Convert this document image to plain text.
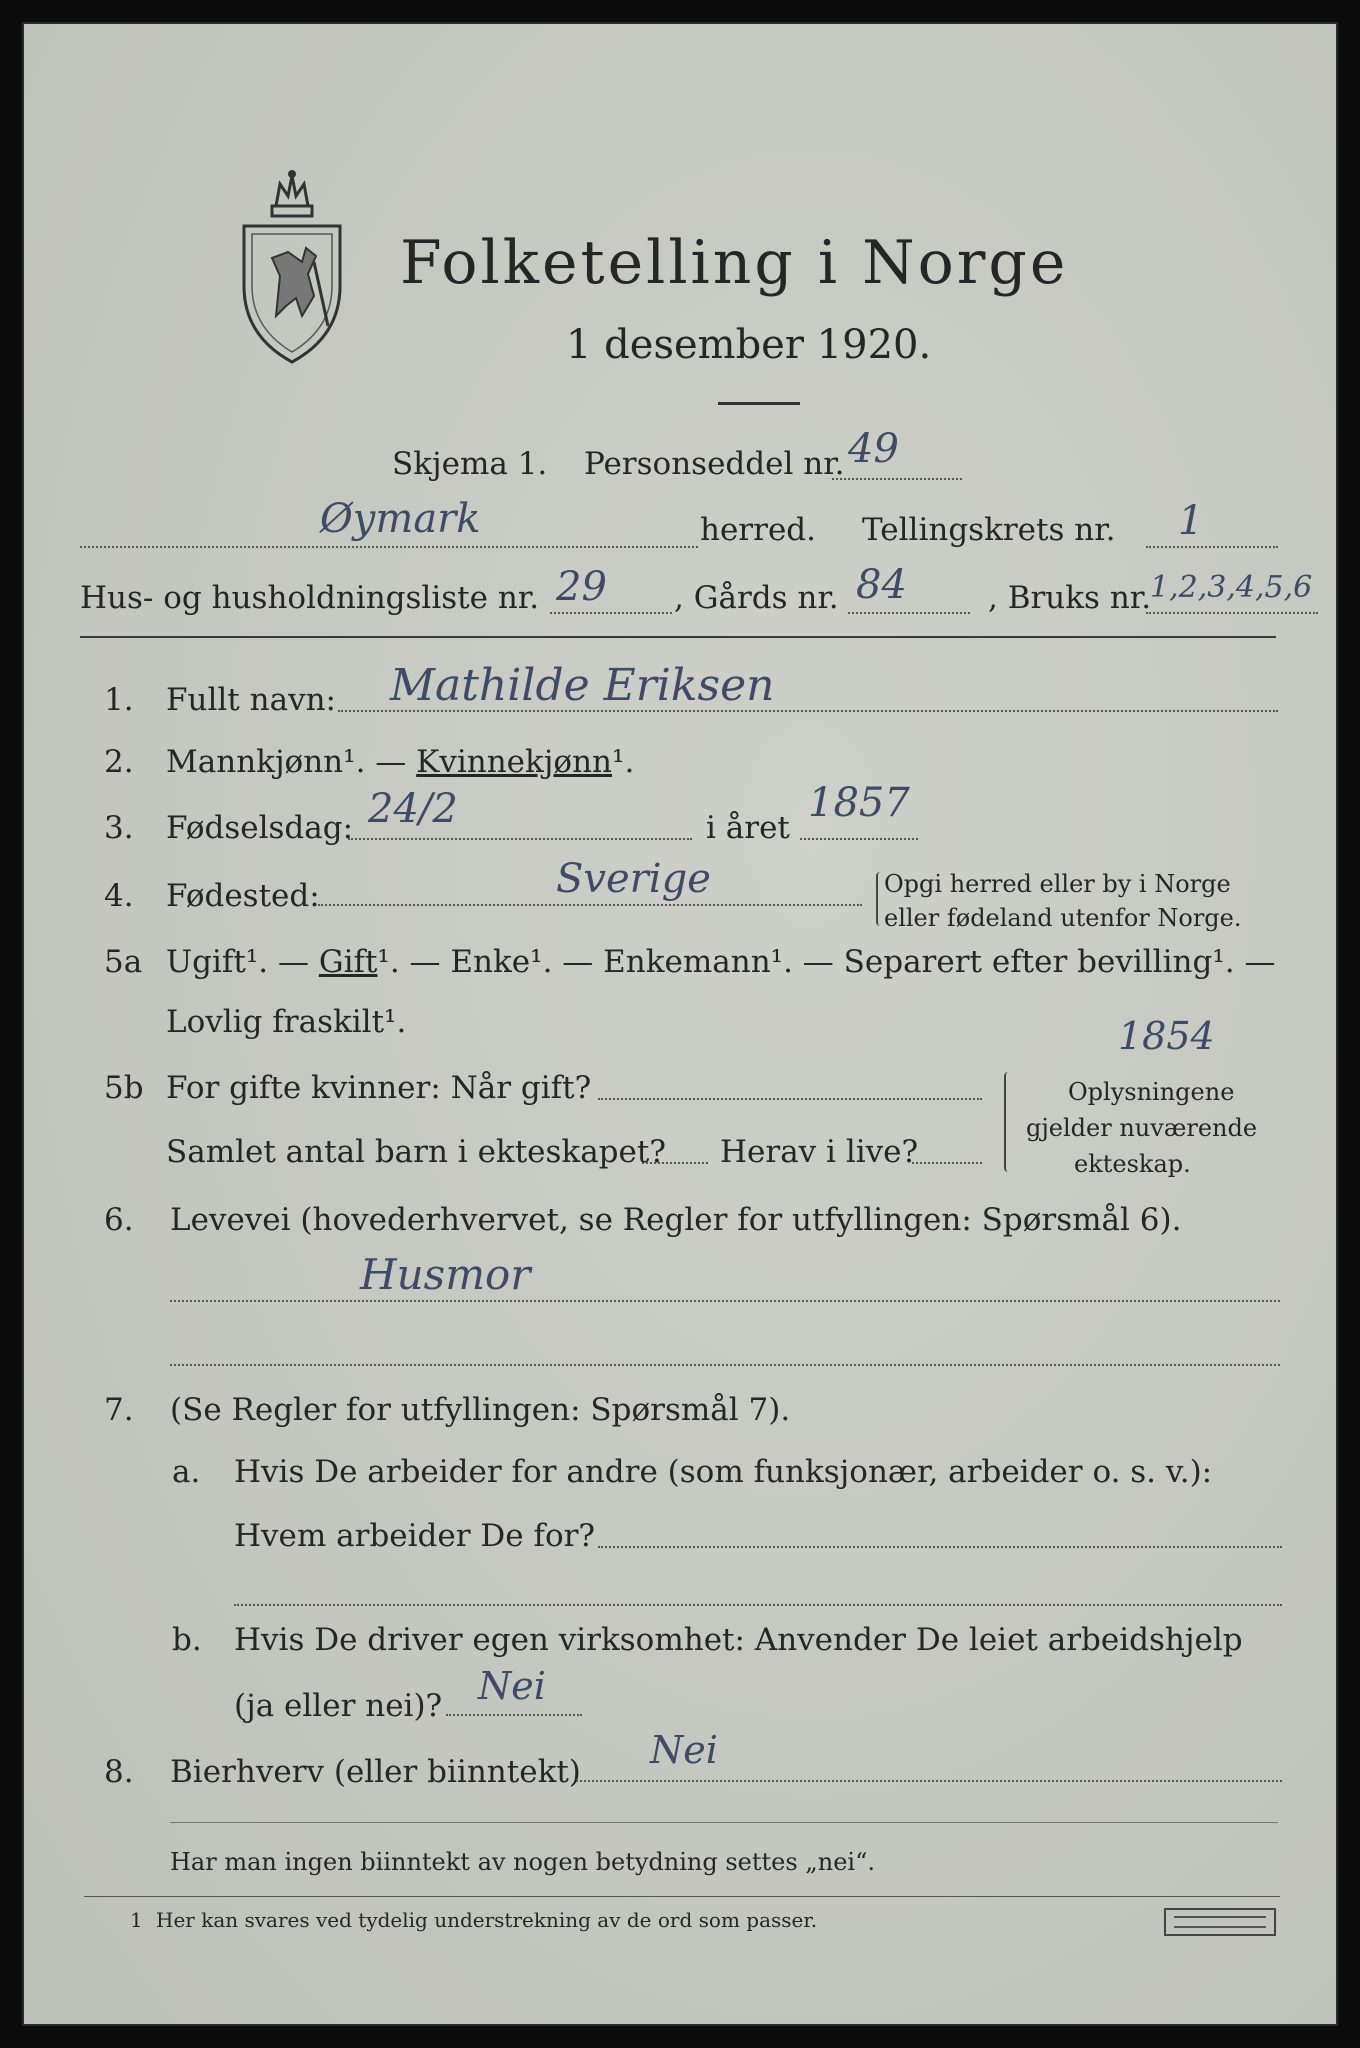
Folketelling i Norge
1 desember 1920.
Skjema 1. Personseddel nr. 49
Øymark	herred. Tellingskrets nr. 1
Hus- og husholdningsliste nr. 29 , Gårds nr. 84	, Bruks nr.
1,2,3,4,5,6
1. Fullt navn: Mathilde Eriksen
2. Mannkjønn¹. — Kvinnekjønn¹.
3. Fødselsdag: 24/2	i året
1857
4. Fødested:	Sverige	Opgi herred eller by i Norge
eller fødeland utenfor Norge.
5a Ugift¹. — Gift¹. — Enke¹. — Enkemann¹. — Separert efter bevilling¹. —
Lovlig fraskilt¹.	1854
5b For gifte kvinner: Når gift?
Samlet antal barn i ekteskapet? Herav i live?
Oplysningene
gjelder nuværende
ekteskap.
6. Levevei (hovederhvervet, se Regler for utfyllingen: Spørsmål 6).
Husmor
7. (Se Regler for utfyllingen: Spørsmål 7).
a. Hvis De arbeider for andre (som funksjonær, arbeider o. s. v.):
Hvem arbeider De for?
b. Hvis De driver egen virksomhet: Anvender De leiet arbeidshjelp
(ja eller nei)? Nei
8. Bierhverv (eller biinntekt) Nei
Har man ingen biinntekt av nogen betydning settes „nei“.
1 Her kan svares ved tydelig understrekning av de ord som passer.
